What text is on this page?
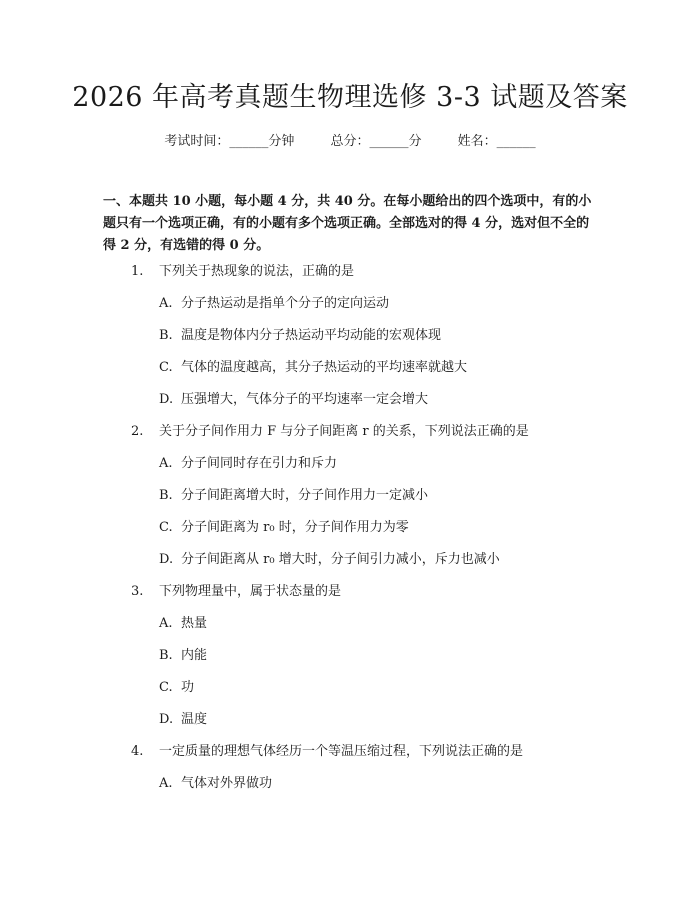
2026 年高考真题生物理选修 3-3 试题及答案
考试时间：______分钟	总分：______分	姓名：______
一、本题共 10 小题，每小题 4 分，共 40 分。在每小题给出的四个选项中，有的小题只有一个选项正确，有的小题有多个选项正确。全部选对的得 4 分，选对但不全的得 2 分，有选错的得 0 分。
1. 下列关于热现象的说法，正确的是
A. 分子热运动是指单个分子的定向运动
B. 温度是物体内分子热运动平均动能的宏观体现
C. 气体的温度越高，其分子热运动的平均速率就越大
D. 压强增大，气体分子的平均速率一定会增大
2. 关于分子间作用力 F 与分子间距离 r 的关系，下列说法正确的是
A. 分子间同时存在引力和斥力
B. 分子间距离增大时，分子间作用力一定减小
C. 分子间距离为 r₀ 时，分子间作用力为零
D. 分子间距离从 r₀ 增大时，分子间引力减小，斥力也减小
3. 下列物理量中，属于状态量的是
A. 热量
B. 内能
C. 功
D. 温度
4. 一定质量的理想气体经历一个等温压缩过程，下列说法正确的是
A. 气体对外界做功
